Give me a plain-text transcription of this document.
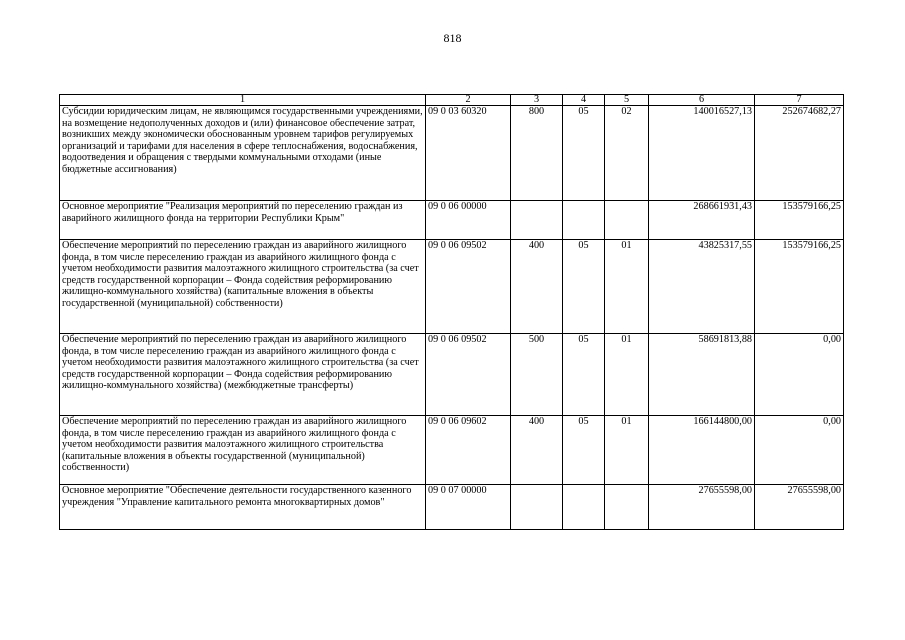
818
1	2	3	4	5	6	7
Субсидии юридическим лицам, не являющимся государственными учреждениями, на возмещение недополученных доходов и (или) финансовое обеспечение затрат, возникших между экономически обоснованным уровнем тарифов регулируемых организаций и тарифами для населения в сфере теплоснабжения, водоснабжения, водоотведения и обращения с твердыми коммунальными отходами (иные бюджетные ассигнования)	09 0 03 60320	800	05	02	140016527,13	252674682,27
Основное мероприятие "Реализация мероприятий по переселению граждан из аварийного жилищного фонда на территории Республики Крым"	09 0 06 00000				268661931,43	153579166,25
Обеспечение мероприятий по переселению граждан из аварийного жилищного фонда, в том числе переселению граждан из аварийного жилищного фонда с учетом необходимости развития малоэтажного жилищного строительства (за счет средств государственной корпорации – Фонда содействия реформированию жилищно-коммунального хозяйства) (капитальные вложения в объекты государственной (муниципальной) собственности)	09 0 06 09502	400	05	01	43825317,55	153579166,25
Обеспечение мероприятий по переселению граждан из аварийного жилищного фонда, в том числе переселению граждан из аварийного жилищного фонда с учетом необходимости развития малоэтажного жилищного строительства (за счет средств государственной корпорации – Фонда содействия реформированию жилищно-коммунального хозяйства) (межбюджетные трансферты)	09 0 06 09502	500	05	01	58691813,88	0,00
Обеспечение мероприятий по переселению граждан из аварийного жилищного фонда, в том числе переселению граждан из аварийного жилищного фонда с учетом необходимости развития малоэтажного жилищного строительства (капитальные вложения в объекты государственной (муниципальной) собственности)	09 0 06 09602	400	05	01	166144800,00	0,00
Основное мероприятие "Обеспечение деятельности государственного казенного учреждения "Управление капитального ремонта многоквартирных домов"	09 0 07 00000				27655598,00	27655598,00
